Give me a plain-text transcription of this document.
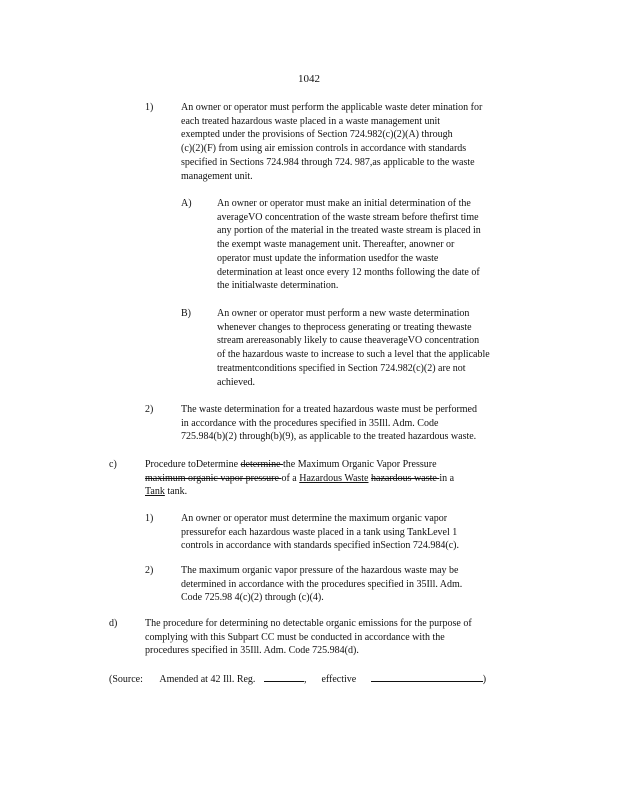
1042
1)	An owner or operator must perform the applicable waste deter mination for
each treated hazardous waste placed in a waste management unit
exempted under the provisions of Section 724.982(c)(2)(A) through
(c)(2)(F) from using air emission controls in accordance with standards
specified in Sections 724.984 through 724. 987,as applicable to the waste
management unit.
A)	An owner or operator must make an initial determination of the
averageVO concentration of the waste stream before thefirst time
any portion of the material in the treated waste stream is placed in
the exempt waste management unit. Thereafter, anowner or
operator must update the information usedfor the waste
determination at least once every 12 months following the date of
the initialwaste determination.
B)	An owner or operator must perform a new waste determination
whenever changes to theprocess generating or treating thewaste
stream arereasonably likely to cause theaverageVO concentration
of the hazardous waste to increase to such a level that the applicable
treatmentconditions specified in Section 724.982(c)(2) are not
achieved.
2)	The waste determination for a treated hazardous waste must be performed
in accordance with the procedures specified in 35Ill. Adm. Code
725.984(b)(2) through(b)(9), as applicable to the treated hazardous waste.
c)	Procedure toDetermine determine the Maximum Organic Vapor Pressure
maximum organic vapor pressure of a Hazardous Waste hazardous waste in a
Tank tank.
1)	An owner or operator must determine the maximum organic vapor
pressurefor each hazardous waste placed in a tank using TankLevel 1
controls in accordance with standards specified inSection 724.984(c).
2)	The maximum organic vapor pressure of the hazardous waste may be
determined in accordance with the procedures specified in 35Ill. Adm.
Code 725.98 4(c)(2) through (c)(4).
d)	The procedure for determining no detectable organic emissions for the purpose of
complying with this Subpart CC must be conducted in accordance with the
procedures specified in 35Ill. Adm. Code 725.984(d).
(Source: Amended at 42 Ill. Reg.	, effective	)
